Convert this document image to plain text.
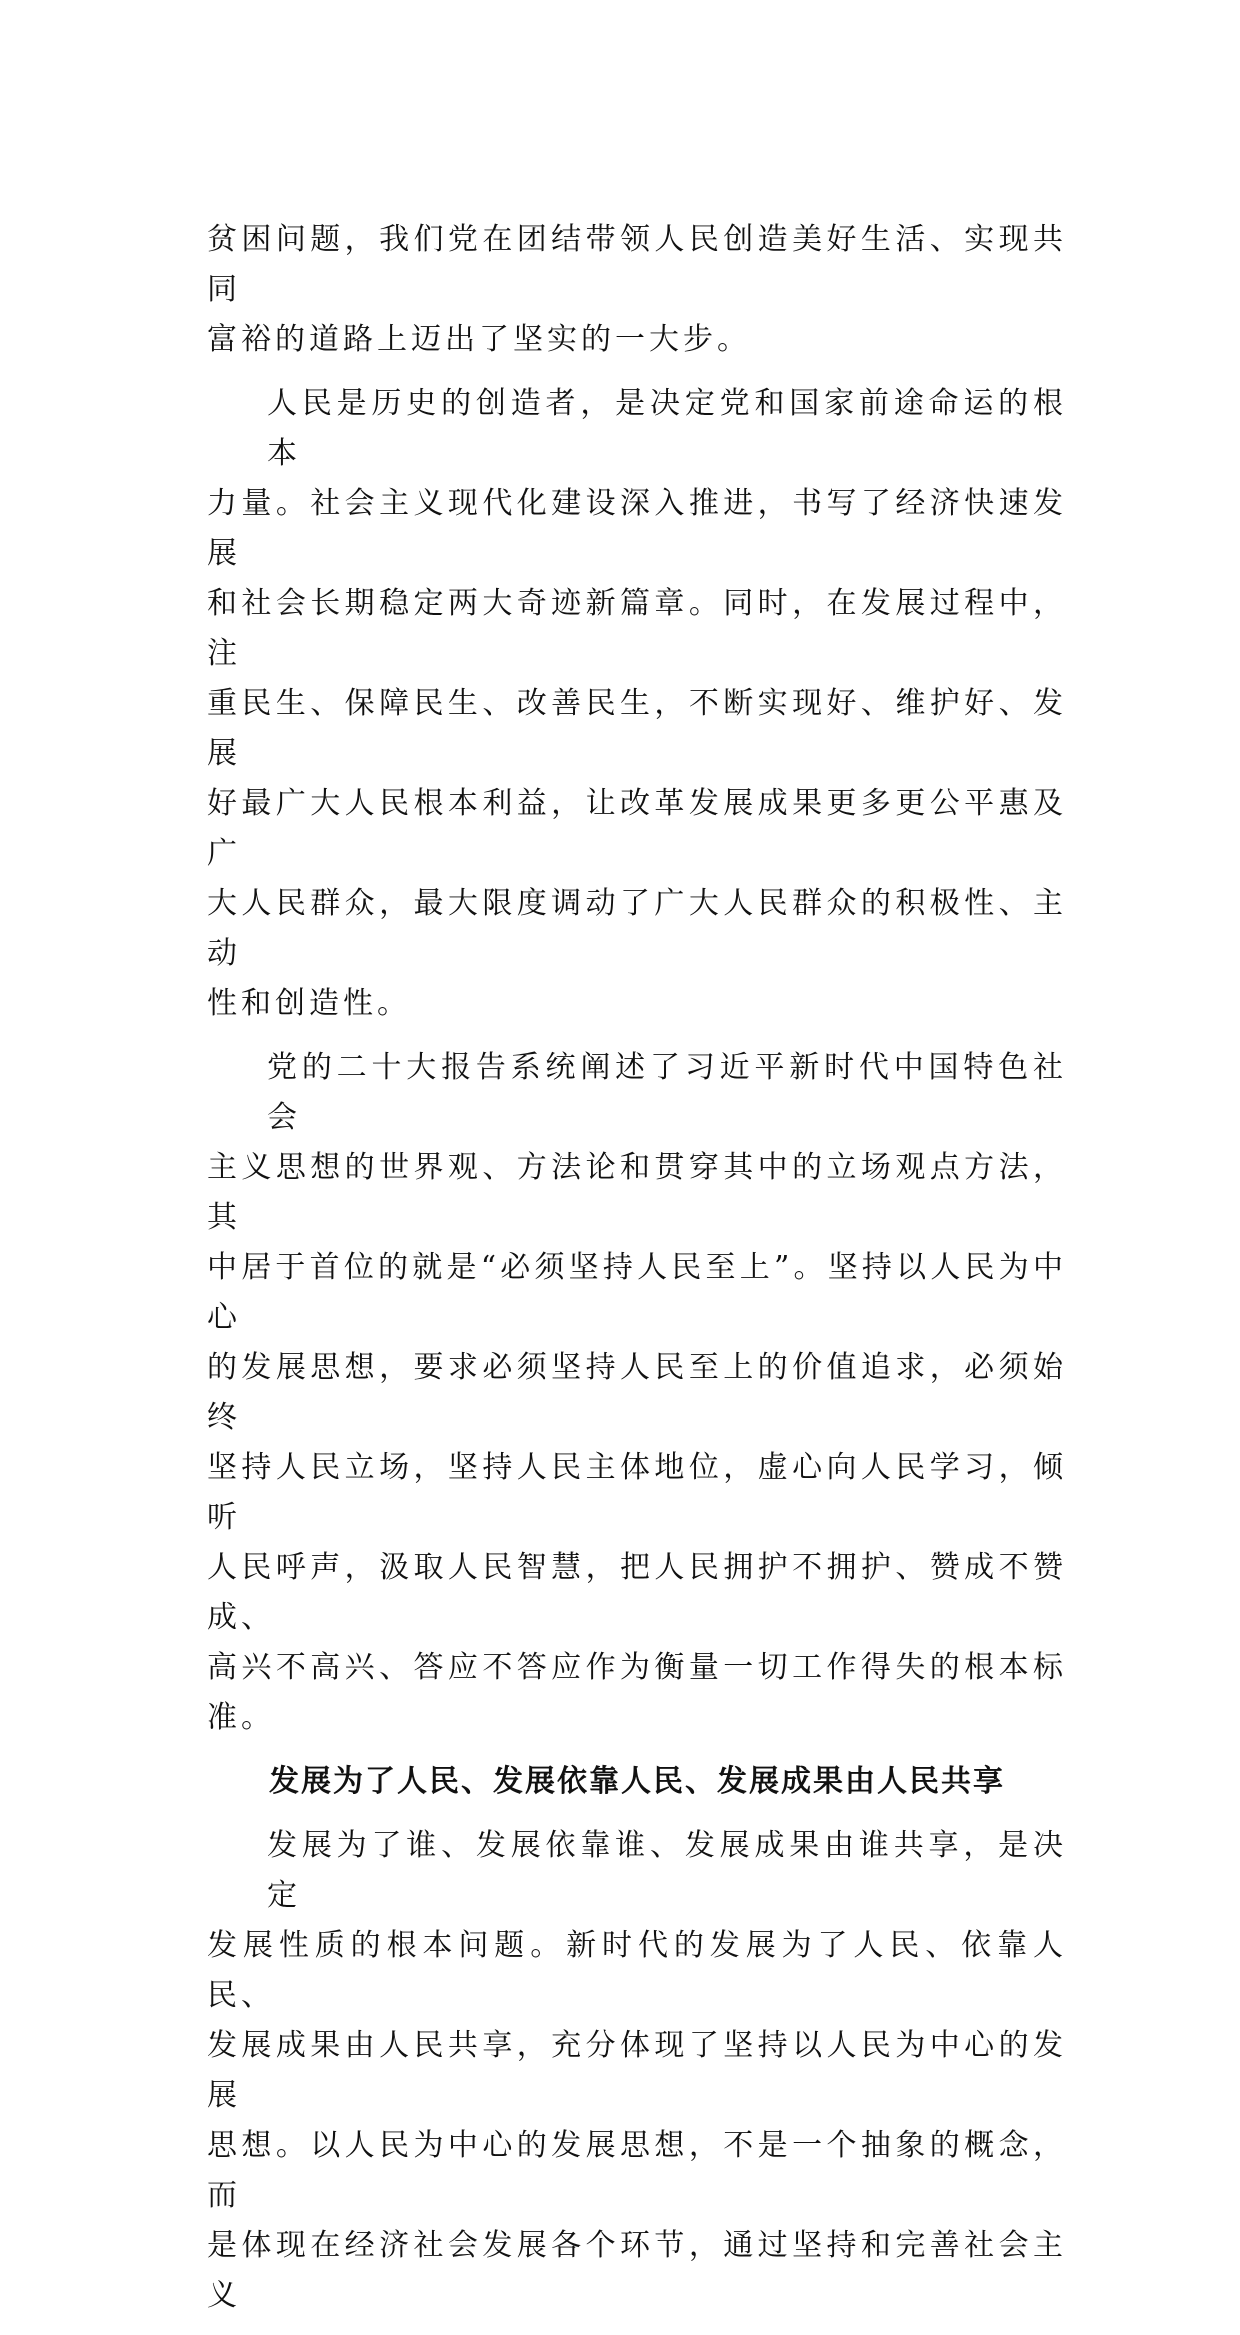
贫困问题，我们党在团结带领人民创造美好生活、实现共同
富裕的道路上迈出了坚实的一大步。

人民是历史的创造者，是决定党和国家前途命运的根本
力量。社会主义现代化建设深入推进，书写了经济快速发展
和社会长期稳定两大奇迹新篇章。同时，在发展过程中，注
重民生、保障民生、改善民生，不断实现好、维护好、发展
好最广大人民根本利益，让改革发展成果更多更公平惠及广
大人民群众，最大限度调动了广大人民群众的积极性、主动
性和创造性。

党的二十大报告系统阐述了习近平新时代中国特色社会
主义思想的世界观、方法论和贯穿其中的立场观点方法，其
中居于首位的就是“必须坚持人民至上”。坚持以人民为中心
的发展思想，要求必须坚持人民至上的价值追求，必须始终
坚持人民立场，坚持人民主体地位，虚心向人民学习，倾听
人民呼声，汲取人民智慧，把人民拥护不拥护、赞成不赞成、
高兴不高兴、答应不答应作为衡量一切工作得失的根本标准。

发展为了人民、发展依靠人民、发展成果由人民共享

发展为了谁、发展依靠谁、发展成果由谁共享，是决定
发展性质的根本问题。新时代的发展为了人民、依靠人民、
发展成果由人民共享，充分体现了坚持以人民为中心的发展
思想。以人民为中心的发展思想，不是一个抽象的概念，而
是体现在经济社会发展各个环节，通过坚持和完善社会主义
